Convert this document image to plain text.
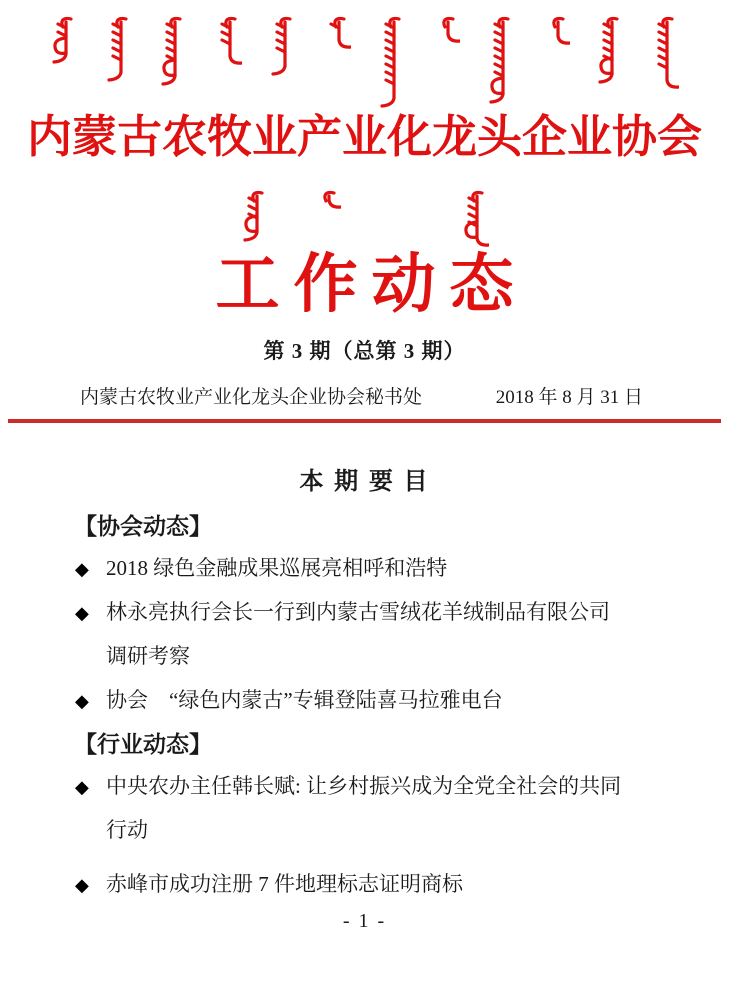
内蒙古农牧业产业化龙头企业协会
工作动态
第 3 期（总第 3 期）
内蒙古农牧业产业化龙头企业协会秘书处	2018 年 8 月 31 日
本 期 要 目
【协会动态】
◆ 2018 绿色金融成果巡展亮相呼和浩特
◆ 林永亮执行会长一行到内蒙古雪绒花羊绒制品有限公司
调研考察
◆ 协会　“绿色内蒙古”专辑登陆喜马拉雅电台
【行业动态】
◆ 中央农办主任韩长赋: 让乡村振兴成为全党全社会的共同
行动
◆ 赤峰市成功注册 7 件地理标志证明商标
- 1 -
